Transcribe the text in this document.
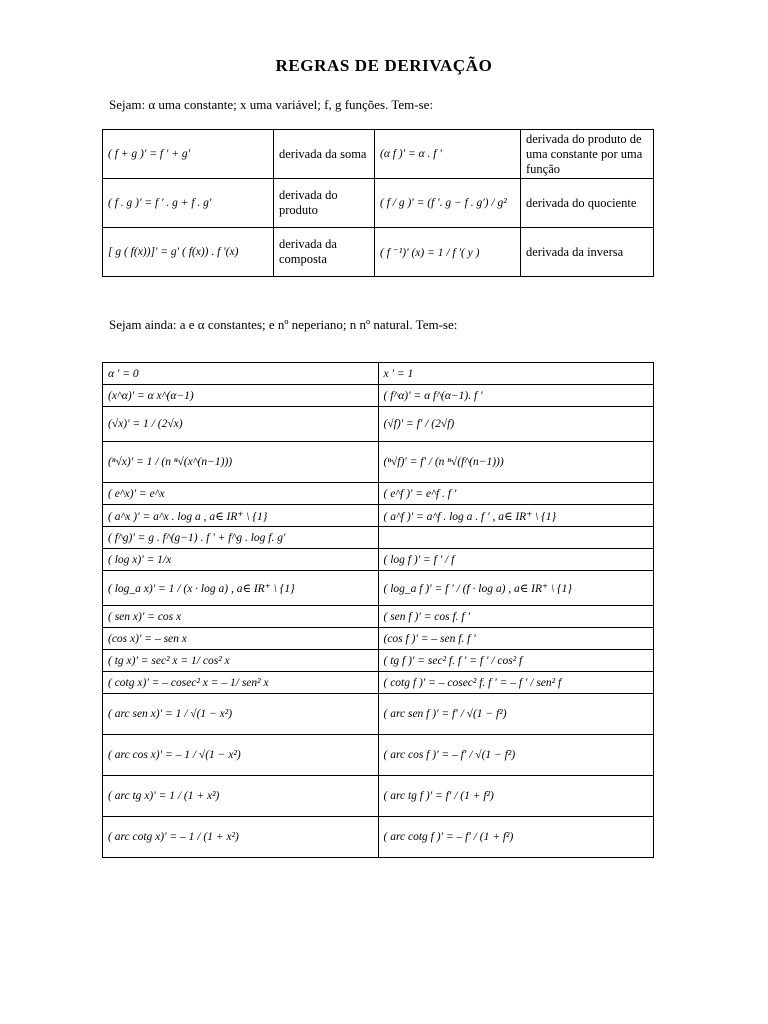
REGRAS DE DERIVAÇÃO
Sejam: α uma constante; x uma variável; f, g funções. Tem-se:
( f + g )' = f ' + g'	derivada da soma	(α f )' = α . f '	derivada do produto de uma constante por uma função
( f . g )' = f ' . g + f . g'	derivada do produto	( f / g )' = (f '. g − f . g') / g²	derivada do quociente
[ g ( f(x))]' = g' ( f(x)) . f '(x)	derivada da composta	( f ⁻¹)' (x) = 1 / f '( y )	derivada da inversa
Sejam ainda: a e α constantes; e nº neperiano; n nº natural. Tem-se:
α ' = 0	x ' = 1
(x^α)' = α x^(α−1)	( f^α)' = α f^(α−1). f '
(√x)' = 1 / (2√x)	(√f)' = f' / (2√f)
(ⁿ√x)' = 1 / (n ⁿ√(x^(n−1)))	(ⁿ√f)' = f' / (n ⁿ√(f^(n−1)))
( e^x)' = e^x	( e^f )' = e^f . f '
( a^x )' = a^x . log a , a∈ IR⁺ \ {1}	( a^f )' = a^f . log a . f ' , a∈ IR⁺ \ {1}
( f^g)' = g . f^(g−1) . f ' + f^g . log f. g'	
( log x)' = 1/x	( log f )' = f ' / f
( log_a x)' = 1 / (x · log a) , a∈ IR⁺ \ {1}	( log_a f )' = f ' / (f · log a) , a∈ IR⁺ \ {1}
( sen x)' = cos x	( sen f )' = cos f. f '
(cos x)' = – sen x	(cos f )' = – sen f. f '
( tg x)' = sec² x = 1/ cos² x	( tg f )' = sec² f. f ' = f ' / cos² f
( cotg x)' = – cosec² x = – 1/ sen² x	( cotg f )' = – cosec² f. f ' = – f ' / sen² f
( arc sen x)' = 1 / √(1 − x²)	( arc sen f )' = f' / √(1 − f²)
( arc cos x)' = – 1 / √(1 − x²)	( arc cos f )' = – f' / √(1 − f²)
( arc tg x)' = 1 / (1 + x²)	( arc tg f )' = f' / (1 + f²)
( arc cotg x)' = – 1 / (1 + x²)	( arc cotg f )' = – f' / (1 + f²)
